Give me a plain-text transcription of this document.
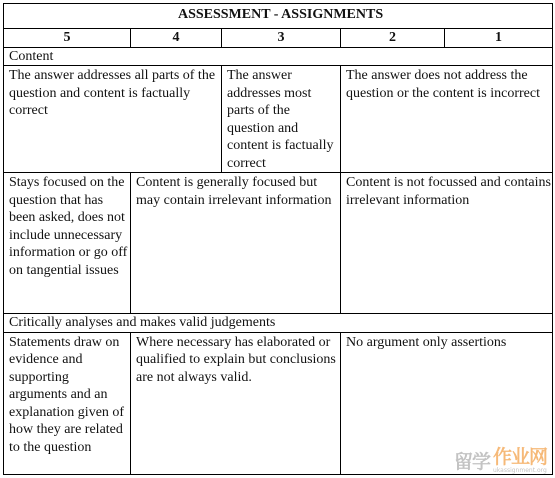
ASSESSMENT - ASSIGNMENTS				
5	4	3	2	1
Content				
The answer addresses all parts of the question and content is factually correct		The answer addresses most parts of the question and content is factually correct	The answer does not address the question or the content is incorrect	
Stays focused on the question that has been asked, does not include unnecessary information or go off on tangential issues	Content is generally focused but may contain irrelevant information		Content is not focussed and contains irrelevant information	
Critically analyses and makes valid judgements				
Statements draw on evidence and supporting arguments and an explanation given of how they are related to the question	Where necessary has elaborated or qualified to explain but conclusions are not always valid.		No argument only assertions	
留学 作业网
ukassignment.org
